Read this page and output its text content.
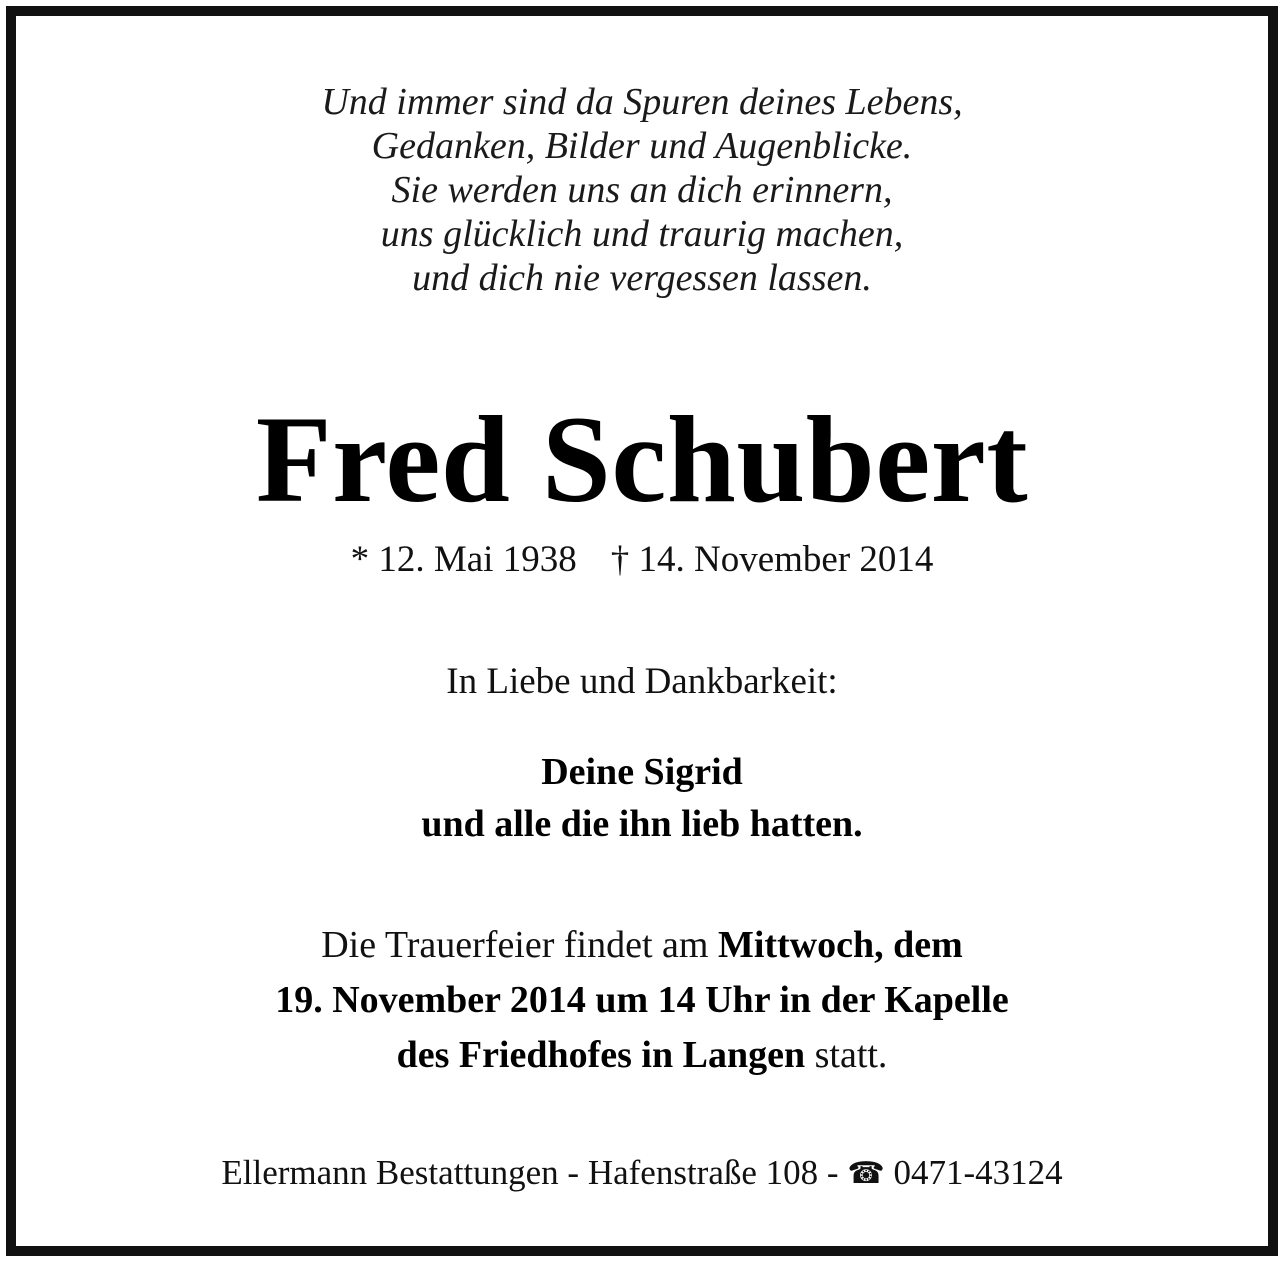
Und immer sind da Spuren deines Lebens,
Gedanken, Bilder und Augenblicke.
Sie werden uns an dich erinnern,
uns glücklich und traurig machen,
und dich nie vergessen lassen.
Fred Schubert
* 12. Mai 1938 † 14. November 2014
In Liebe und Dankbarkeit:
Deine Sigrid
und alle die ihn lieb hatten.
Die Trauerfeier findet am Mittwoch, dem
19. November 2014 um 14 Uhr in der Kapelle
des Friedhofes in Langen statt.
Ellermann Bestattungen - Hafenstraße 108 - ☎ 0471-43124
